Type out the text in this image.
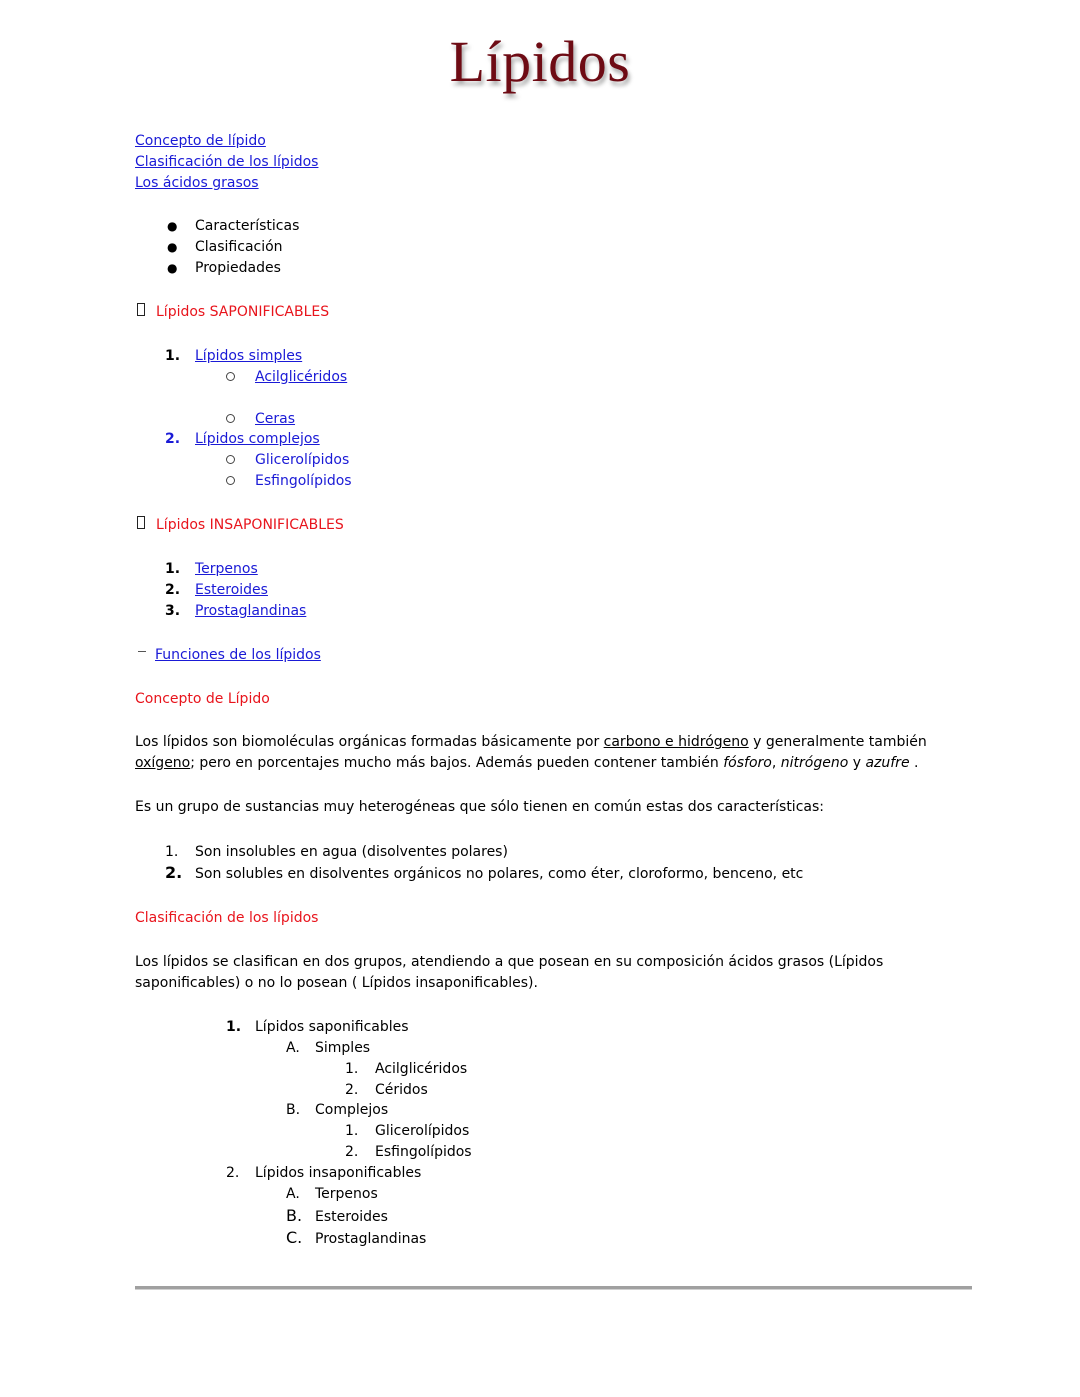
Lípidos
Concepto de lípido
Clasificación de los lípidos
Los ácidos grasos
● Características
● Clasificación
● Propiedades
Lípidos SAPONIFICABLES
1. Lípidos simples
Acilglicéridos
Ceras
2. Lípidos complejos
Glicerolípidos
Esfingolípidos
Lípidos INSAPONIFICABLES
1. Terpenos
2. Esteroides
3. Prostaglandinas
Funciones de los lípidos
Concepto de Lípido
Los lípidos son biomoléculas orgánicas formadas básicamente por carbono e hidrógeno y generalmente también oxígeno; pero en porcentajes mucho más bajos. Además pueden contener también fósforo, nitrógeno y azufre .
Es un grupo de sustancias muy heterogéneas que sólo tienen en común estas dos características:
1. Son insolubles en agua (disolventes polares)
2. Son solubles en disolventes orgánicos no polares, como éter, cloroformo, benceno, etc
Clasificación de los lípidos
Los lípidos se clasifican en dos grupos, atendiendo a que posean en su composición ácidos grasos (Lípidos saponificables) o no lo posean ( Lípidos insaponificables).
1. Lípidos saponificables
A. Simples
1. Acilglicéridos
2. Céridos
B. Complejos
1. Glicerolípidos
2. Esfingolípidos
2. Lípidos insaponificables
A. Terpenos
B. Esteroides
C. Prostaglandinas
